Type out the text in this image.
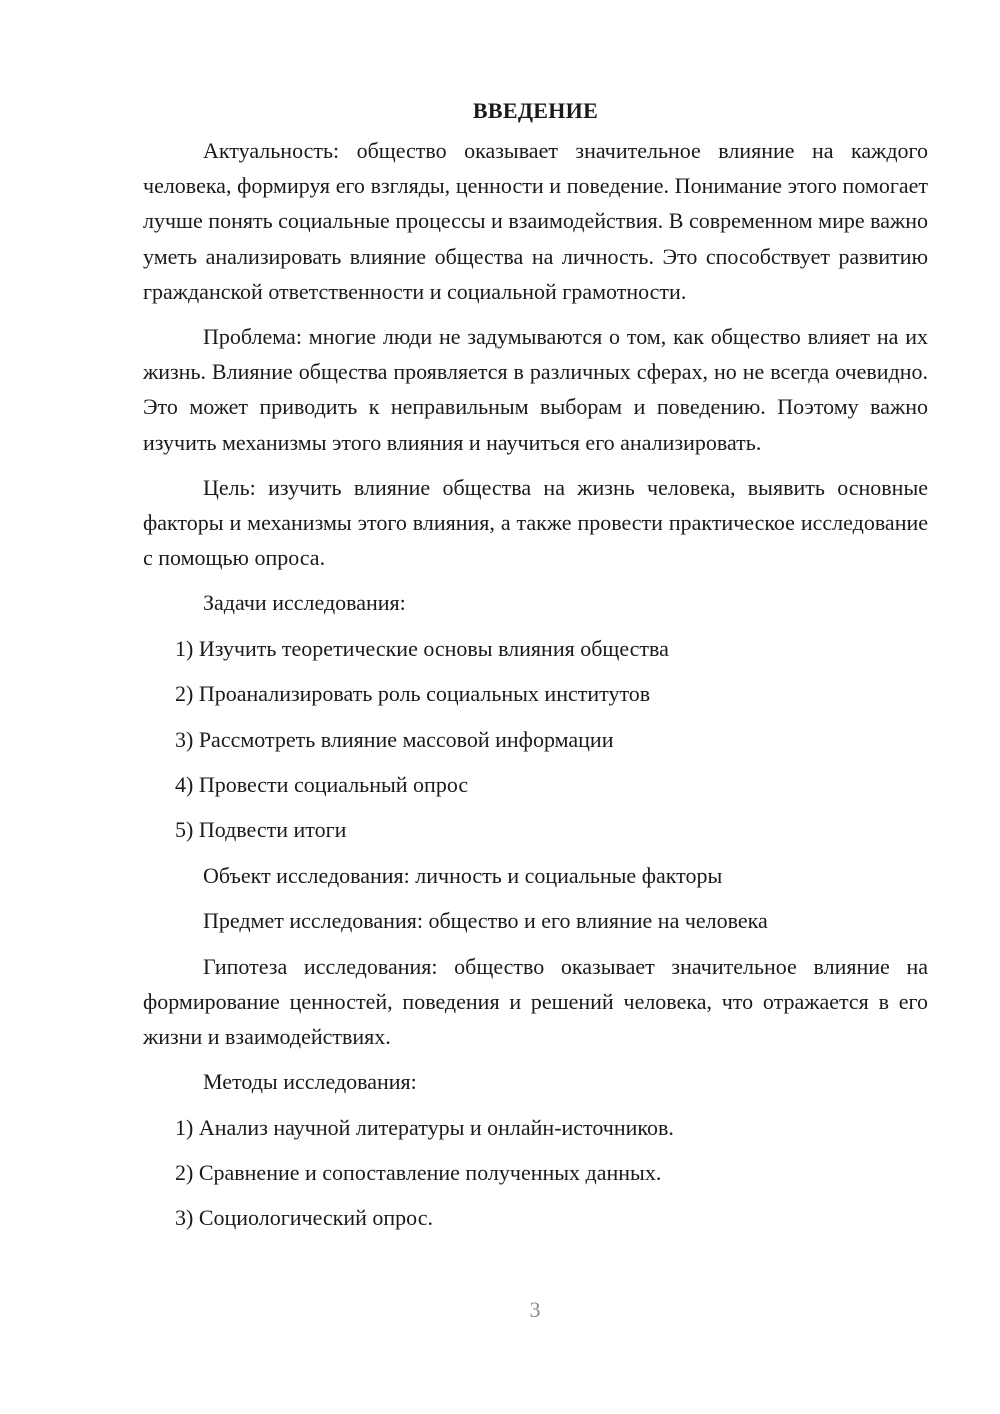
ВВЕДЕНИЕ

Актуальность: общество оказывает значительное влияние на каждого человека, формируя его взгляды, ценности и поведение. Понимание этого помогает лучше понять социальные процессы и взаимодействия. В современном мире важно уметь анализировать влияние общества на личность. Это способствует развитию гражданской ответственности и социальной грамотности.

Проблема: многие люди не задумываются о том, как общество влияет на их жизнь. Влияние общества проявляется в различных сферах, но не всегда очевидно. Это может приводить к неправильным выборам и поведению. Поэтому важно изучить механизмы этого влияния и научиться его анализировать.

Цель: изучить влияние общества на жизнь человека, выявить основные факторы и механизмы этого влияния, а также провести практическое исследование с помощью опроса.

Задачи исследования:
1) Изучить теоретические основы влияния общества
2) Проанализировать роль социальных институтов
3) Рассмотреть влияние массовой информации
4) Провести социальный опрос
5) Подвести итоги
Объект исследования: личность и социальные факторы
Предмет исследования: общество и его влияние на человека

Гипотеза исследования: общество оказывает значительное влияние на формирование ценностей, поведения и решений человека, что отражается в его жизни и взаимодействиях.

Методы исследования:
1) Анализ научной литературы и онлайн-источников.
2) Сравнение и сопоставление полученных данных.
3) Социологический опрос.
3
